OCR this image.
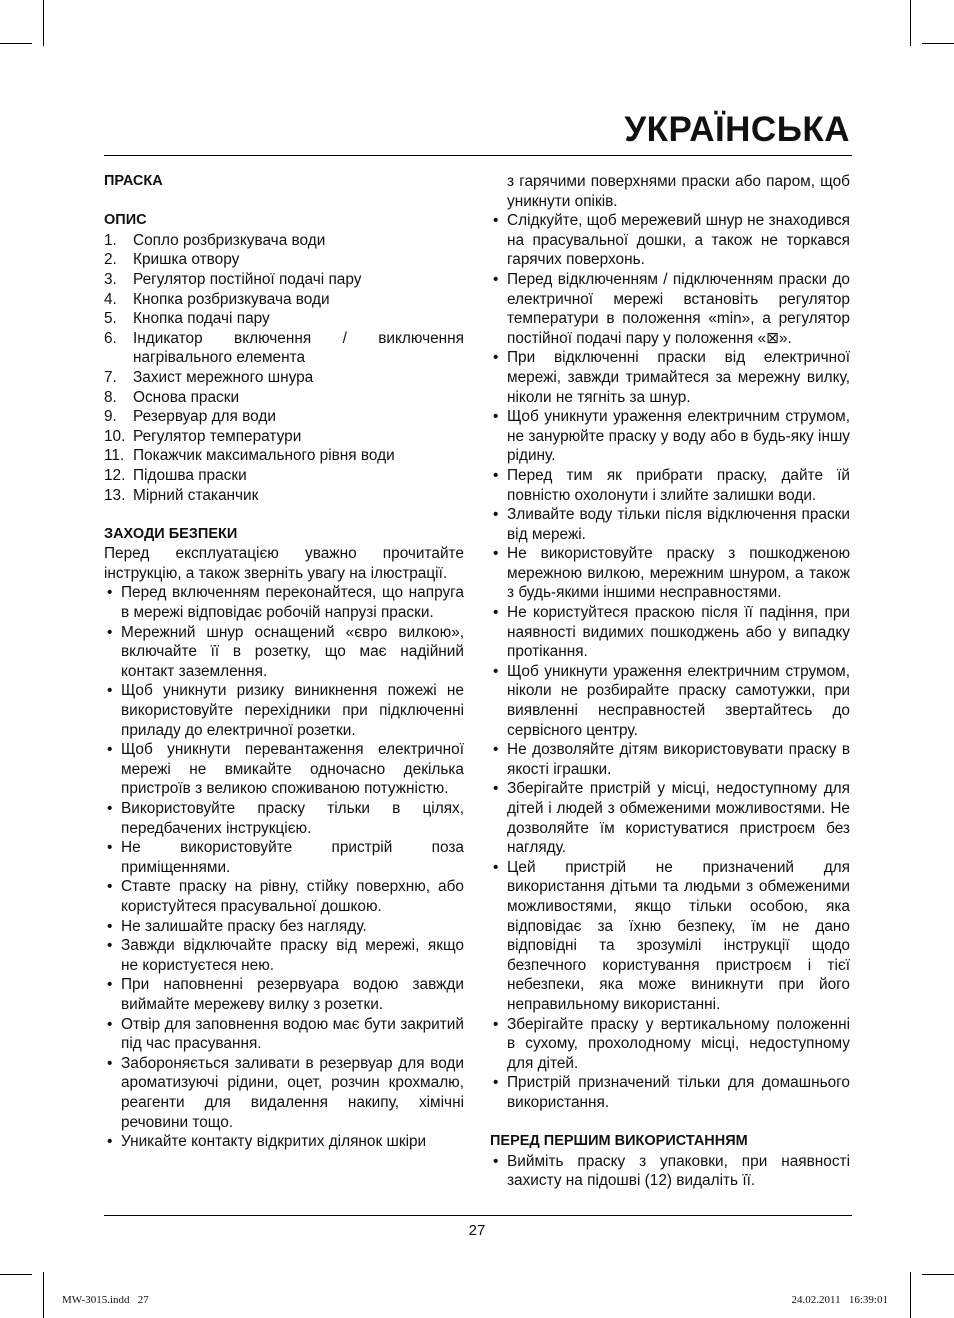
УКРАЇНСЬКА
ПРАСКА
ОПИС
1.	Сопло розбризкувача води
2.	Кришка отвору
3.	Регулятор постійної подачі пару
4.	Кнопка розбризкувача води
5.	Кнопка подачі пару
6.	Індикатор включення / виключення нагрівального елемента
7.	Захист мережного шнура
8.	Основа праски
9.	Резервуар для води
10. Регулятор температури
11. Покажчик максимального рівня води
12. Підошва праски
13. Мірний стаканчик
ЗАХОДИ БЕЗПЕКИ

Перед експлуатацією уважно прочитайте інструкцію, а також зверніть увагу на ілюстрації.

• Перед включенням переконайтеся, що напруга в мережі відповідає робочій напрузі праски.
• Мережний шнур оснащений «євро вилкою», включайте її в розетку, що має надійний контакт заземлення.
• Щоб уникнути ризику виникнення пожежі не використовуйте перехідники при підключенні приладу до електричної розетки.
• Щоб уникнути перевантаження електричної мережі не вмикайте одночасно декілька пристроїв з великою споживаною потужністю.
• Використовуйте праску тільки в цілях, передбачених інструкцією.
• Не використовуйте пристрій поза приміщеннями.
• Ставте праску на рівну, стійку поверхню, або користуйтеся прасувальної дошкою.
• Не залишайте праску без нагляду.
• Завжди відключайте праску від мережі, якщо не користуєтеся нею.
• При наповненні резервуара водою завжди виймайте мережеву вилку з розетки.
• Отвір для заповнення водою має бути закритий під час прасування.
• Забороняється заливати в резервуар для води ароматизуючі рідини, оцет, розчин крохмалю, реагенти для видалення накипу, хімічні речовини тощо.
• Уникайте контакту відкритих ділянок шкіри

з гарячими поверхнями праски або паром, щоб уникнути опіків.

• Слідкуйте, щоб мережевий шнур не знаходився на прасувальної дошки, а також не торкався гарячих поверхонь.
• Перед відключенням / підключенням праски до електричної мережі встановіть регулятор температури в положення «min», а регулятор постійної подачі пару у положення «⊠».
• При відключенні праски від електричної мережі, завжди тримайтеся за мережну вилку, ніколи не тягніть за шнур.
• Щоб уникнути ураження електричним струмом, не занурюйте праску у воду або в будь-яку іншу рідину.
• Перед тим як прибрати праску, дайте їй повністю охолонути і злийте залишки води.
• Зливайте воду тільки після відключення праски від мережі.
• Не використовуйте праску з пошкодженою мережною вилкою, мережним шнуром, а також з будь-якими іншими несправностями.
• Не користуйтеся праскою після її падіння, при наявності видимих пошкоджень або у випадку протікання.
• Щоб уникнути ураження електричним струмом, ніколи не розбирайте праску самотужки, при виявленні несправностей звертайтесь до сервісного центру.
• Не дозволяйте дітям використовувати праску в якості іграшки.
• Зберігайте пристрій у місці, недоступному для дітей і людей з обмеженими можливостями. Не дозволяйте їм користуватися пристроєм без нагляду.
• Цей пристрій не призначений для використання дітьми та людьми з обмеженими можливостями, якщо тільки особою, яка відповідає за їхню безпеку, їм не дано відповідні та зрозумілі інструкції щодо безпечного користування пристроєм і тієї небезпеки, яка може виникнути при його неправильному використанні.
• Зберігайте праску у вертикальному положенні в сухому, прохолодному місці, недоступному для дітей.
• Пристрій призначений тільки для домашнього використання.
ПЕРЕД ПЕРШИМ ВИКОРИСТАННЯМ
• Вийміть праску з упаковки, при наявності захисту на підошві (12) видаліть її.
27
MW-3015.indd   27	24.02.2011   16:39:01
